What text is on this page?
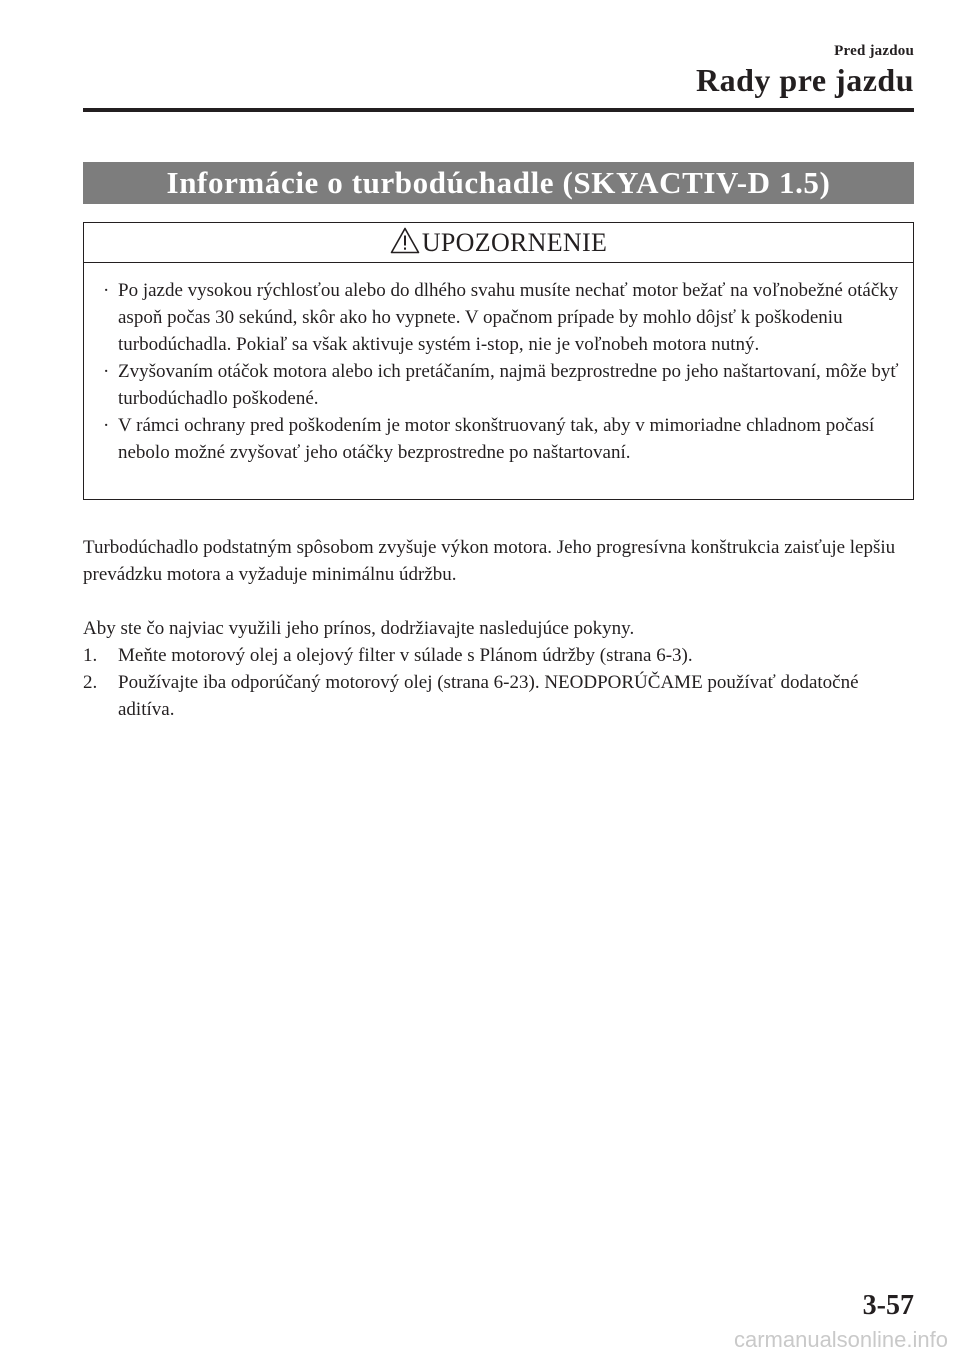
Pred jazdou
Rady pre jazdu
Informácie o turbodúchadle (SKYACTIV-D 1.5)
UPOZORNENIE
· Po jazde vysokou rýchlosťou alebo do dlhého svahu musíte nechať motor bežať na voľnobežné otáčky aspoň počas 30 sekúnd, skôr ako ho vypnete. V opačnom prípade by mohlo dôjsť k poškodeniu turbodúchadla. Pokiaľ sa však aktivuje systém i-stop, nie je voľnobeh motora nutný.
· Zvyšovaním otáčok motora alebo ich pretáčaním, najmä bezprostredne po jeho naštartovaní, môže byť turbodúchadlo poškodené.
· V rámci ochrany pred poškodením je motor skonštruovaný tak, aby v mimoriadne chladnom počasí nebolo možné zvyšovať jeho otáčky bezprostredne po naštartovaní.

Turbodúchadlo podstatným spôsobom zvyšuje výkon motora. Jeho progresívna konštrukcia zaisťuje lepšiu prevádzku motora a vyžaduje minimálnu údržbu.

Aby ste čo najviac využili jeho prínos, dodržiavajte nasledujúce pokyny.

1. Meňte motorový olej a olejový filter v súlade s Plánom údržby (strana 6-3).
2. Používajte iba odporúčaný motorový olej (strana 6-23). NEODPORÚČAME používať dodatočné aditíva.
3-57
carmanualsonline.info
